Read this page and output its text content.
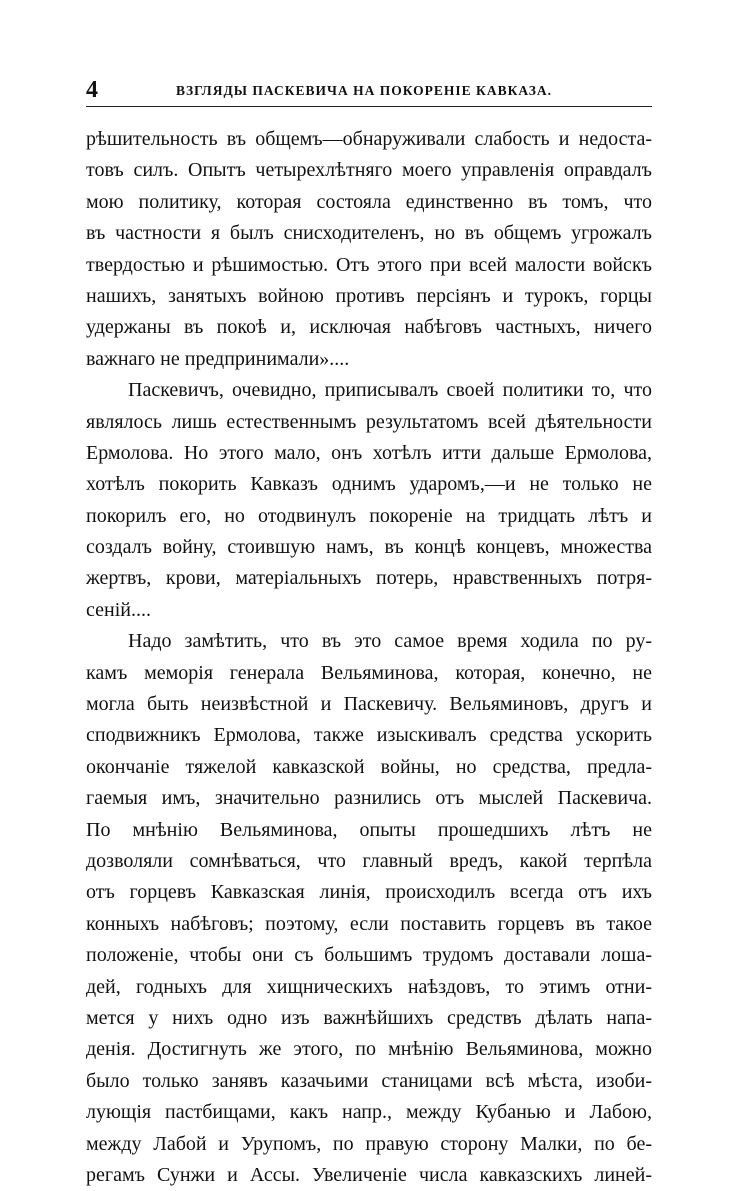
4	ВЗГЛЯДЫ ПАСКЕВИЧА НА ПОКОРЕНІЕ КАВКАЗА.
рѣшительность въ общемъ—обнаруживали слабость и недоста-
товъ силъ. Опытъ четырехлѣтняго моего управленія оправдалъ
мою политику, которая состояла единственно въ томъ, что
въ частности я былъ снисходителенъ, но въ общемъ угрожалъ
твердостью и рѣшимостью. Отъ этого при всей малости войскъ
нашихъ, занятыхъ войною противъ персіянъ и турокъ, горцы
удержаны въ покоѣ и, исключая набѣговъ частныхъ, ничего
важнаго не предпринимали»....
Паскевичъ, очевидно, приписывалъ своей политики то, что
являлось лишь естественнымъ результатомъ всей дѣятельности
Ермолова. Но этого мало, онъ хотѣлъ итти дальше Ермолова,
хотѣлъ покорить Кавказъ однимъ ударомъ,—и не только не
покорилъ его, но отодвинулъ покореніе на тридцать лѣтъ и
создалъ войну, стоившую намъ, въ концѣ концевъ, множества
жертвъ, крови, матеріальныхъ потерь, нравственныхъ потря-
сеній....
Надо замѣтить, что въ это самое время ходила по ру-
камъ меморія генерала Вельяминова, которая, конечно, не
могла быть неизвѣстной и Паскевичу. Вельяминовъ, другъ и
сподвижникъ Ермолова, также изыскивалъ средства ускорить
окончаніе тяжелой кавказской войны, но средства, предла-
гаемыя имъ, значительно разнились отъ мыслей Паскевича.
По мнѣнію Вельяминова, опыты прошедшихъ лѣтъ не
дозволяли сомнѣваться, что главный вредъ, какой терпѣла
отъ горцевъ Кавказская линія, происходилъ всегда отъ ихъ
конныхъ набѣговъ; поэтому, если поставить горцевъ въ такое
положеніе, чтобы они съ большимъ трудомъ доставали лоша-
дей, годныхъ для хищническихъ наѣздовъ, то этимъ отни-
мется у нихъ одно изъ важнѣйшихъ средствъ дѣлать напа-
денія. Достигнуть же этого, по мнѣнію Вельяминова, можно
было только занявъ казачьими станицами всѣ мѣста, изоби-
лующія пастбищами, какъ напр., между Кубанью и Лабою,
между Лабой и Урупомъ, по правую сторону Малки, по бе-
регамъ Сунжи и Ассы. Увеличеніе числа кавказскихъ линей-
